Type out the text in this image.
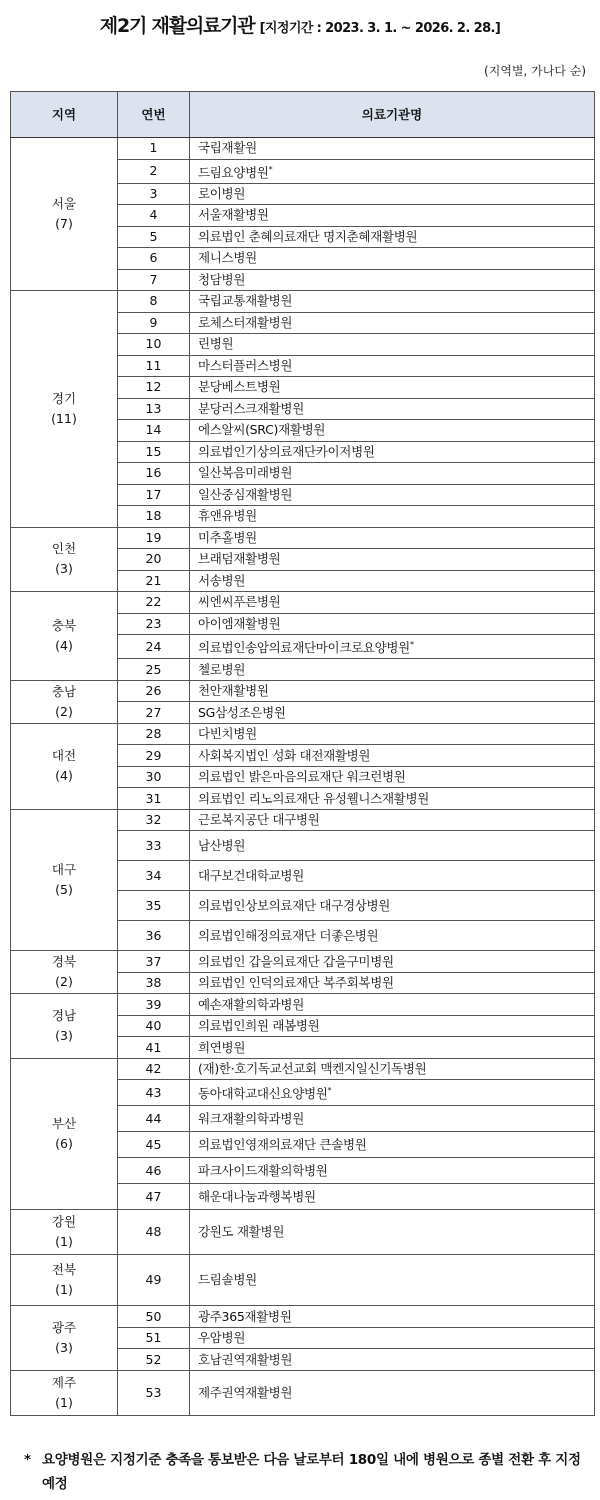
제2기 재활의료기관 [지정기간 : 2023. 3. 1. ~ 2026. 2. 28.]
(지역별, 가나다 순)
지역	연번	의료기관명

서울
(7)	1	국립재활원
	2	드림요양병원*
	3	로이병원
	4	서울재활병원
	5	의료법인 춘혜의료재단 명지춘혜재활병원
	6	제니스병원
	7	청담병원

경기
(11)	8	국립교통재활병원
	9	로체스터재활병원
	10	린병원
	11	마스터플러스병원
	12	분당베스트병원
	13	분당러스크재활병원
	14	에스알씨(SRC)재활병원
	15	의료법인기상의료재단카이저병원
	16	일산복음미래병원
	17	일산중심재활병원
	18	휴앤유병원

인천
(3)	19	미추홀병원
	20	브래덤재활병원
	21	서송병원

충북
(4)	22	씨엔씨푸른병원
	23	아이엠재활병원
	24	의료법인송암의료재단마이크로요양병원*
	25	첼로병원

충남
(2)	26	천안재활병원
	27	SG삼성조은병원

대전
(4)	28	다빈치병원
	29	사회복지법인 성화 대전재활병원
	30	의료법인 밝은마음의료재단 워크런병원
	31	의료법인 리노의료재단 유성웰니스재활병원

대구
(5)	32	근로복지공단 대구병원
	33	남산병원
	34	대구보건대학교병원
	35	의료법인상보의료재단 대구경상병원
	36	의료법인해정의료재단 더좋은병원

경북
(2)	37	의료법인 갑을의료재단 갑을구미병원
	38	의료법인 인덕의료재단 복주회복병원

경남
(3)	39	예손재활의학과병원
	40	의료법인희원 래봄병원
	41	희연병원

부산
(6)	42	(재)한·호기독교선교회 맥켄지일신기독병원
	43	동아대학교대신요양병원*
	44	워크재활의학과병원
	45	의료법인영재의료재단 큰솔병원
	46	파크사이드재활의학병원
	47	해운대나눔과행복병원

강원
(1)	48	강원도 재활병원

전북
(1)	49	드림솔병원

광주
(3)	50	광주365재활병원
	51	우암병원
	52	호남권역재활병원

제주
(1)	53	제주권역재활병원
* 요양병원은 지정기준 충족을 통보받은 다음 날로부터 180일 내에 병원으로 종별 전환 후 지정 예정
